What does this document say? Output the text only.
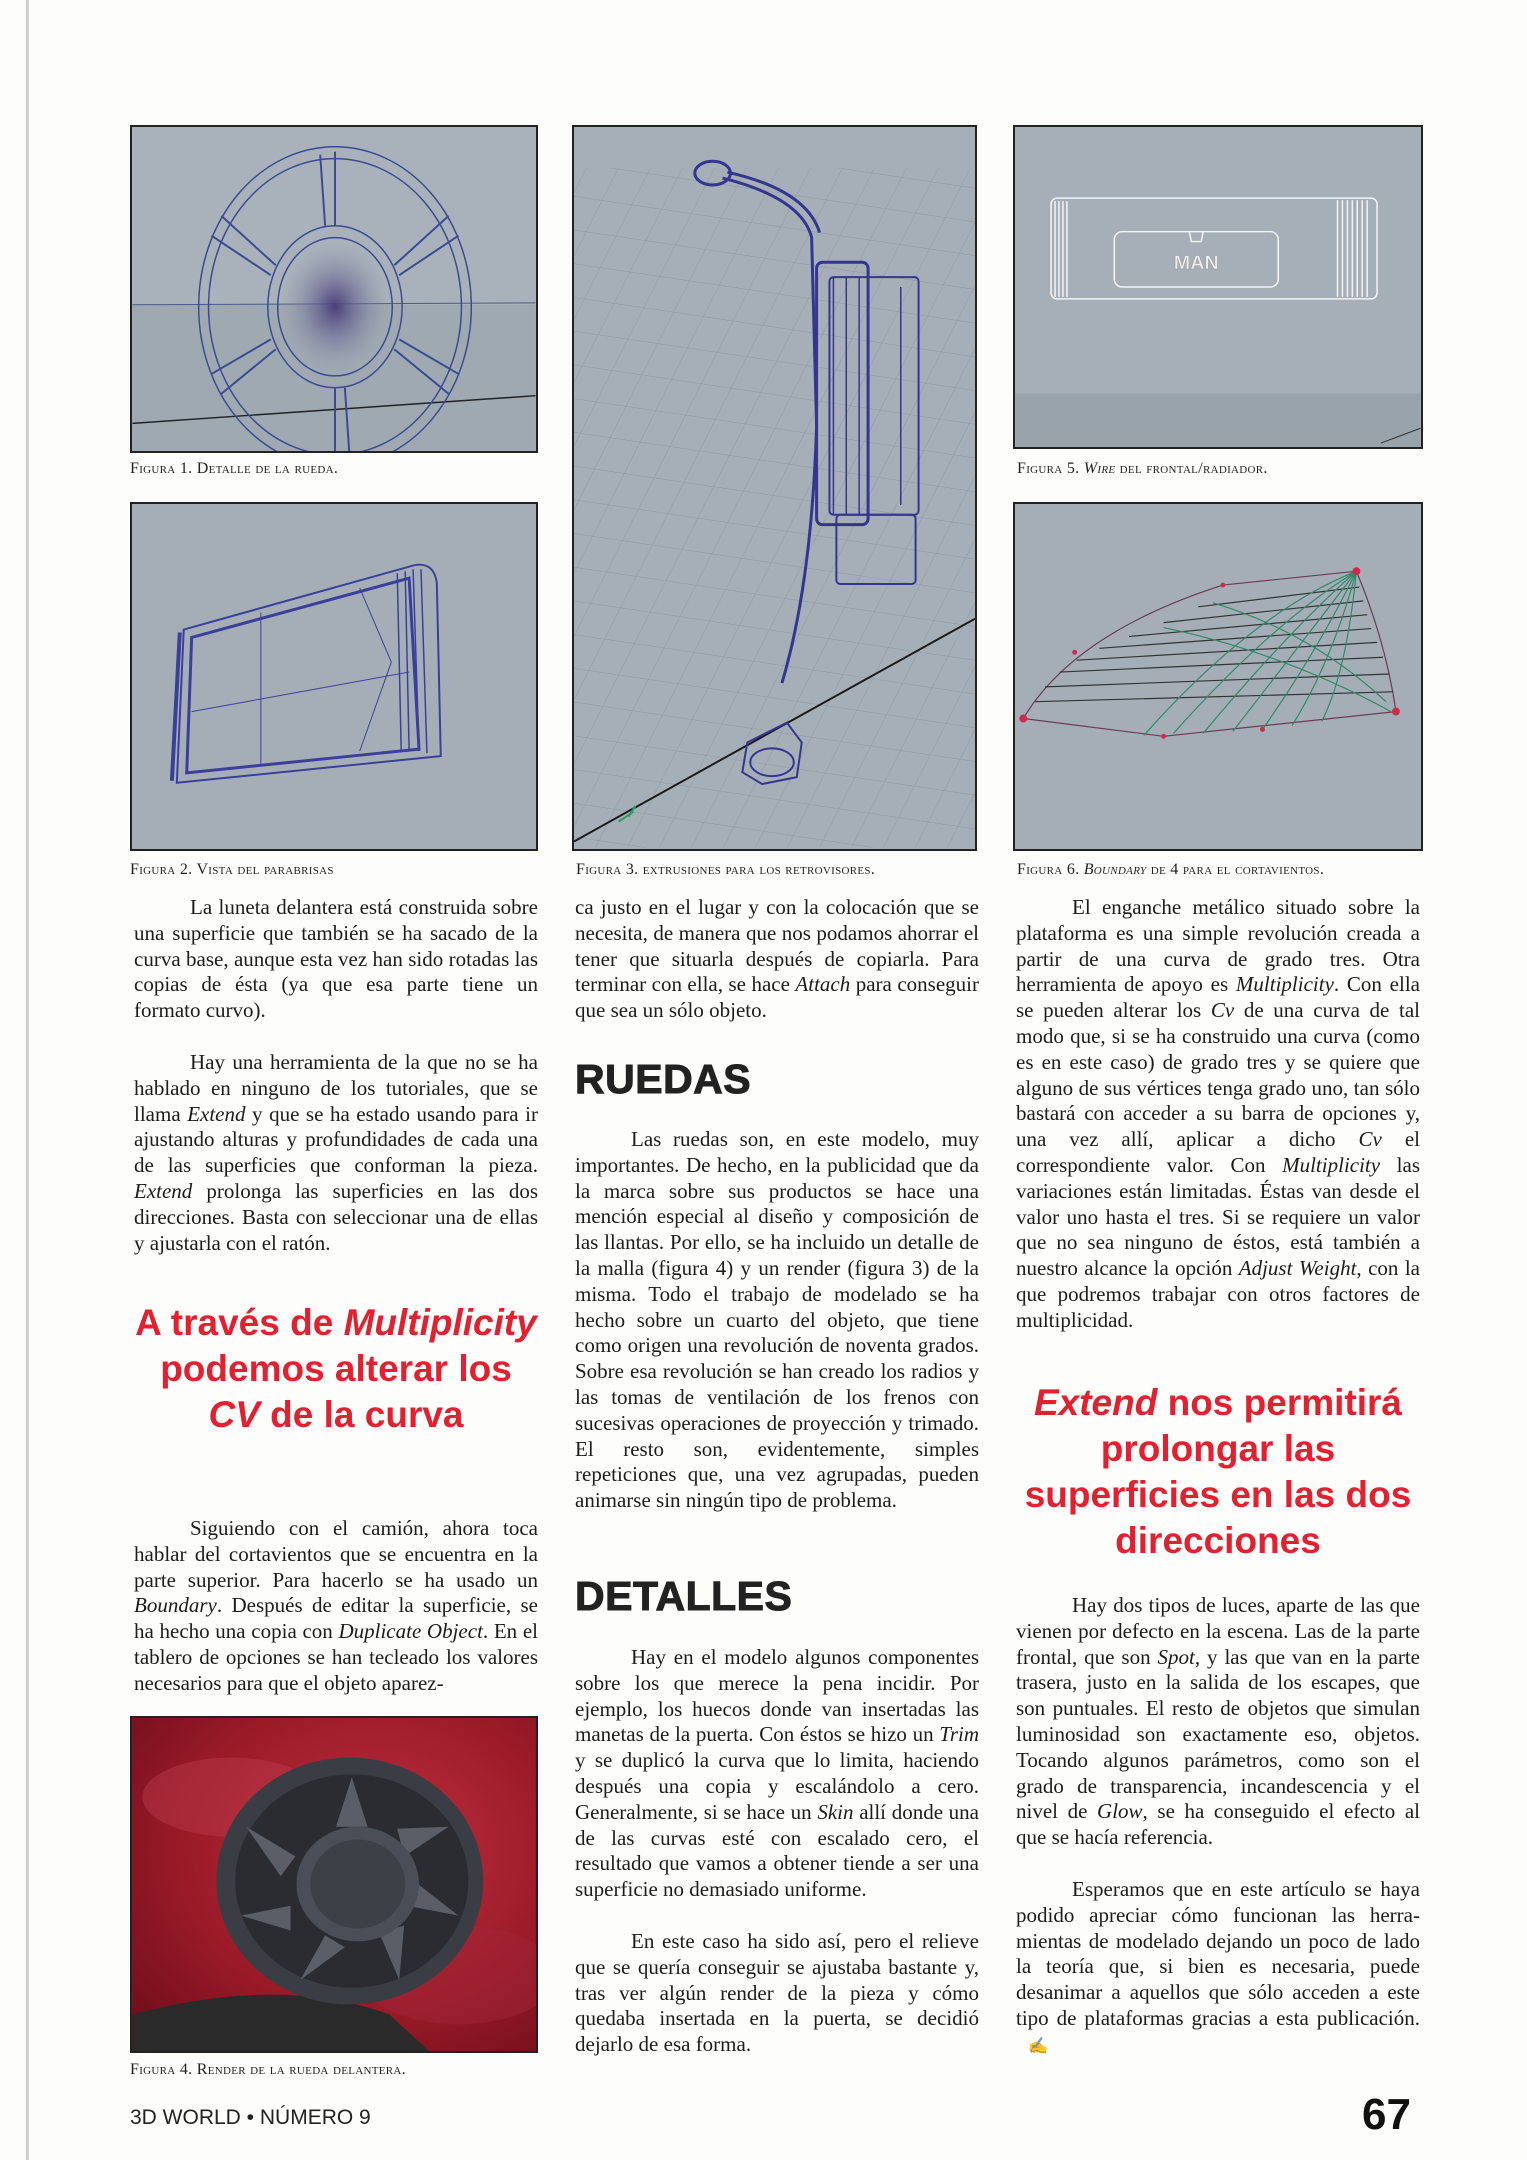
Figura 1. Detalle de la rueda.
Figura 2. Vista del parabrisas	Figura 3. extrusiones para los retrovisores.
MAN
Figura 5. Wire del frontal/radiador.
Figura 6. Boundary de 4 para el cortavientos.
Figura 4. Render de la rueda delantera.

La luneta delantera está construida sobre una superficie que también se ha sacado de la curva base, aunque esta vez han sido rotadas las copias de ésta (ya que esa parte tiene un formato curvo).

Hay una herramienta de la que no se ha hablado en ninguno de los tutoriales, que se llama Extend y que se ha estado usando para ir ajustando alturas y profundidades de cada una de las superficies que conforman la pieza. Extend prolonga las superficies en las dos direcciones. Basta con seleccionar una de ellas y ajustarla con el ratón.

A través de Multiplicity podemos alterar los CV de la curva

Siguiendo con el camión, ahora toca hablar del cortavientos que se encuentra en la parte superior. Para hacerlo se ha usado un Boundary. Después de editar la superficie, se ha hecho una copia con Duplicate Object. En el tablero de opciones se han tecleado los valores necesarios para que el objeto aparez-

ca justo en el lugar y con la colocación que se necesita, de manera que nos podamos ahorrar el tener que situarla después de copiarla. Para terminar con ella, se hace Attach para conseguir que sea un sólo objeto.

RUEDAS

Las ruedas son, en este modelo, muy importantes. De hecho, en la publicidad que da la marca sobre sus productos se hace una mención especial al diseño y composición de las llantas. Por ello, se ha incluido un detalle de la malla (figura 4) y un render (figura 3) de la misma. Todo el trabajo de modelado se ha hecho sobre un cuarto del objeto, que tiene como origen una revolución de noventa grados. Sobre esa revolución se han creado los radios y las tomas de ventilación de los frenos con sucesivas operaciones de proyección y trimado. El resto son, evidentemente, simples repeticiones que, una vez agrupadas, pueden animarse sin ningún tipo de problema.

DETALLES

Hay en el modelo algunos componentes sobre los que merece la pena incidir. Por ejemplo, los huecos donde van insertadas las manetas de la puerta. Con éstos se hizo un Trim y se duplicó la curva que lo limita, haciendo después una copia y escalándolo a cero. Generalmente, si se hace un Skin allí donde una de las curvas esté con escalado cero, el resultado que vamos a obtener tiende a ser una superficie no demasiado uniforme.

En este caso ha sido así, pero el relieve que se quería conseguir se ajustaba bastante y, tras ver algún render de la pieza y cómo quedaba insertada en la puerta, se decidió dejarlo de esa forma.

El enganche metálico situado sobre la plataforma es una simple revolución creada a partir de una curva de grado tres. Otra herramienta de apoyo es Multiplicity. Con ella se pueden alterar los Cv de una curva de tal modo que, si se ha construido una curva (como es en este caso) de grado tres y se quiere que alguno de sus vértices tenga grado uno, tan sólo bastará con acceder a su barra de opciones y, una vez allí, aplicar a dicho Cv el correspondiente valor. Con Multiplicity las variaciones están limitadas. Éstas van desde el valor uno hasta el tres. Si se requiere un valor que no sea ninguno de éstos, está también a nuestro alcance la opción Adjust Weight, con la que podremos trabajar con otros factores de multiplicidad.

Extend nos permitirá prolongar las superficies en las dos direcciones

Hay dos tipos de luces, aparte de las que vienen por defecto en la escena. Las de la parte frontal, que son Spot, y las que van en la parte trasera, justo en la salida de los escapes, que son puntuales. El resto de objetos que simulan luminosidad son exactamente eso, objetos. Tocando algunos parámetros, como son el grado de transparencia, incandescencia y el nivel de Glow, se ha conseguido el efecto al que se hacía referencia.

Esperamos que en este artículo se haya podido apreciar cómo funcionan las herramientas de modelado dejando un poco de lado la teoría que, si bien es necesaria, puede desanimar a aquellos que sólo acceden a este tipo de plataformas gracias a esta publicación.✍

3D WORLD • NÚMERO 9	67
